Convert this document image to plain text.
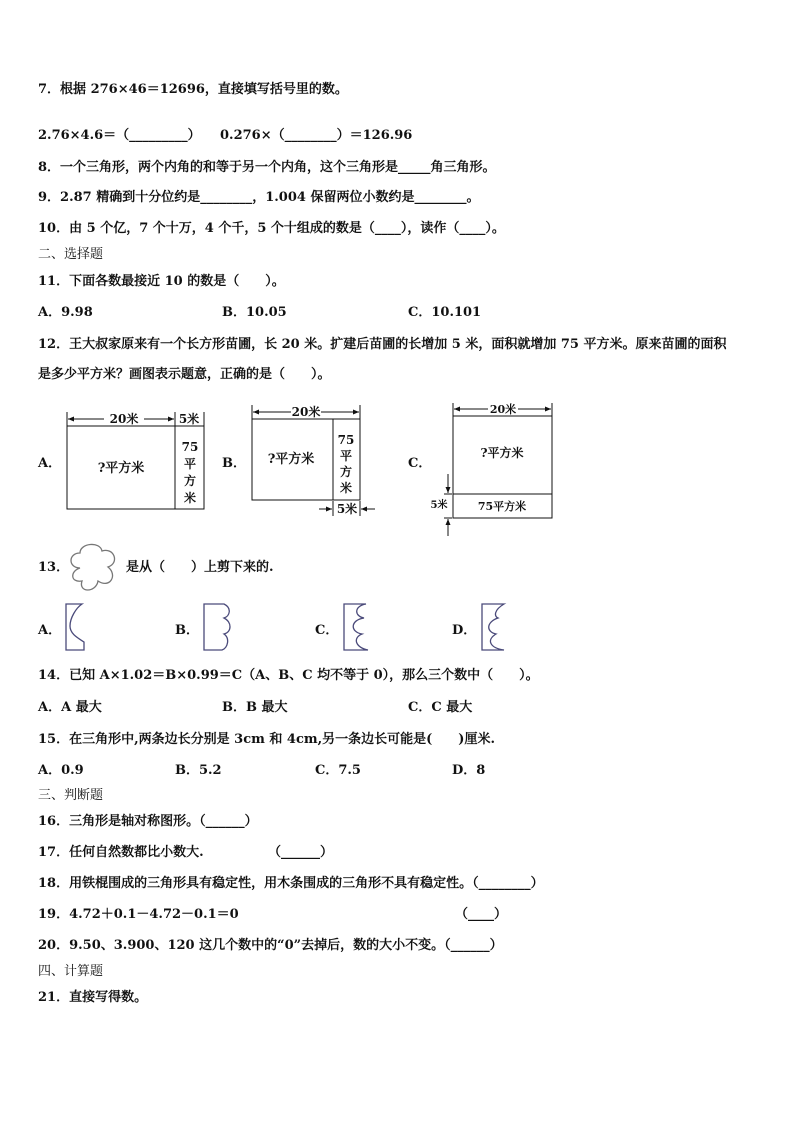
7．根据 276×46＝12696，直接填写括号里的数。
2.76×4.6＝（_________） 0.276×（________）＝126.96
8．一个三角形，两个内角的和等于另一个内角，这个三角形是_____角三角形。
9．2.87 精确到十分位约是________，1.004 保留两位小数约是________。
10．由 5 个亿，7 个十万，4 个千，5 个十组成的数是（____），读作（____）。
二、选择题
11．下面各数最接近 10 的数是（　　）。
A．9.98	B．10.05	C．10.101
12．王大叔家原来有一个长方形苗圃，长 20 米。扩建后苗圃的长增加 5 米，面积就增加 75 平方米。原来苗圃的面积
是多少平方米？画图表示题意，正确的是（　　）。
A．	B．	C．
20米	5米
?平方米
75
平
方
米
20米
?平方米
75
平
方
米
5米
20米
?平方米
75平方米
5米
13．	是从（　　）上剪下来的.
A．	B．	C．	D．
14．已知 A×1.02＝B×0.99＝C（A、B、C 均不等于 0），那么三个数中（　　）。
A．A 最大	B．B 最大	C．C 最大
15．在三角形中,两条边长分别是 3cm 和 4cm,另一条边长可能是(　　)厘米.
A．0.9	B．5.2	C．7.5	D．8
三、判断题
16．三角形是轴对称图形。（______）
17．任何自然数都比小数大.	（______）
18．用铁棍围成的三角形具有稳定性，用木条围成的三角形不具有稳定性。（________）
19．4.72＋0.1－4.72－0.1＝0	（____）
20．9.50、3.900、120 这几个数中的“0”去掉后，数的大小不变。（______）
四、计算题
21．直接写得数。
